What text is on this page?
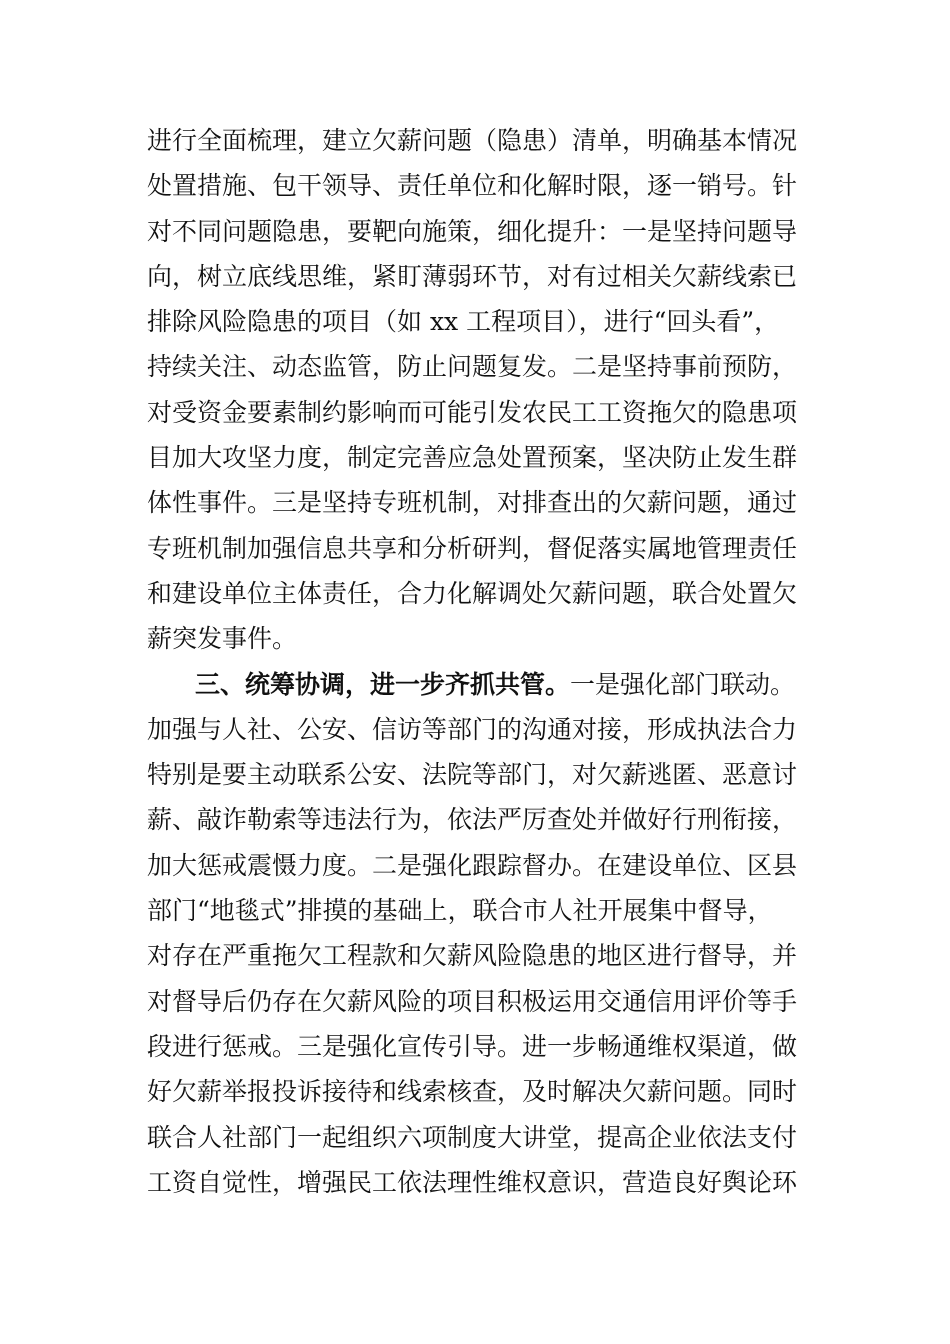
进行全面梳理，建立欠薪问题（隐患）清单，明确基本情况
处置措施、包干领导、责任单位和化解时限，逐一销号。针
对不同问题隐患，要靶向施策，细化提升：一是坚持问题导
向，树立底线思维，紧盯薄弱环节，对有过相关欠薪线索已
排除风险隐患的项目（如 xx 工程项目），进行“回头看”，
持续关注、动态监管，防止问题复发。二是坚持事前预防，
对受资金要素制约影响而可能引发农民工工资拖欠的隐患项
目加大攻坚力度，制定完善应急处置预案，坚决防止发生群
体性事件。三是坚持专班机制，对排查出的欠薪问题，通过
专班机制加强信息共享和分析研判，督促落实属地管理责任
和建设单位主体责任，合力化解调处欠薪问题，联合处置欠
薪突发事件。
三、统筹协调，进一步齐抓共管。一是强化部门联动。
加强与人社、公安、信访等部门的沟通对接，形成执法合力
特别是要主动联系公安、法院等部门，对欠薪逃匿、恶意讨
薪、敲诈勒索等违法行为，依法严厉查处并做好行刑衔接，
加大惩戒震慑力度。二是强化跟踪督办。在建设单位、区县
部门“地毯式”排摸的基础上，联合市人社开展集中督导，
对存在严重拖欠工程款和欠薪风险隐患的地区进行督导，并
对督导后仍存在欠薪风险的项目积极运用交通信用评价等手
段进行惩戒。三是强化宣传引导。进一步畅通维权渠道，做
好欠薪举报投诉接待和线索核查，及时解决欠薪问题。同时
联合人社部门一起组织六项制度大讲堂，提高企业依法支付
工资自觉性，增强民工依法理性维权意识，营造良好舆论环
